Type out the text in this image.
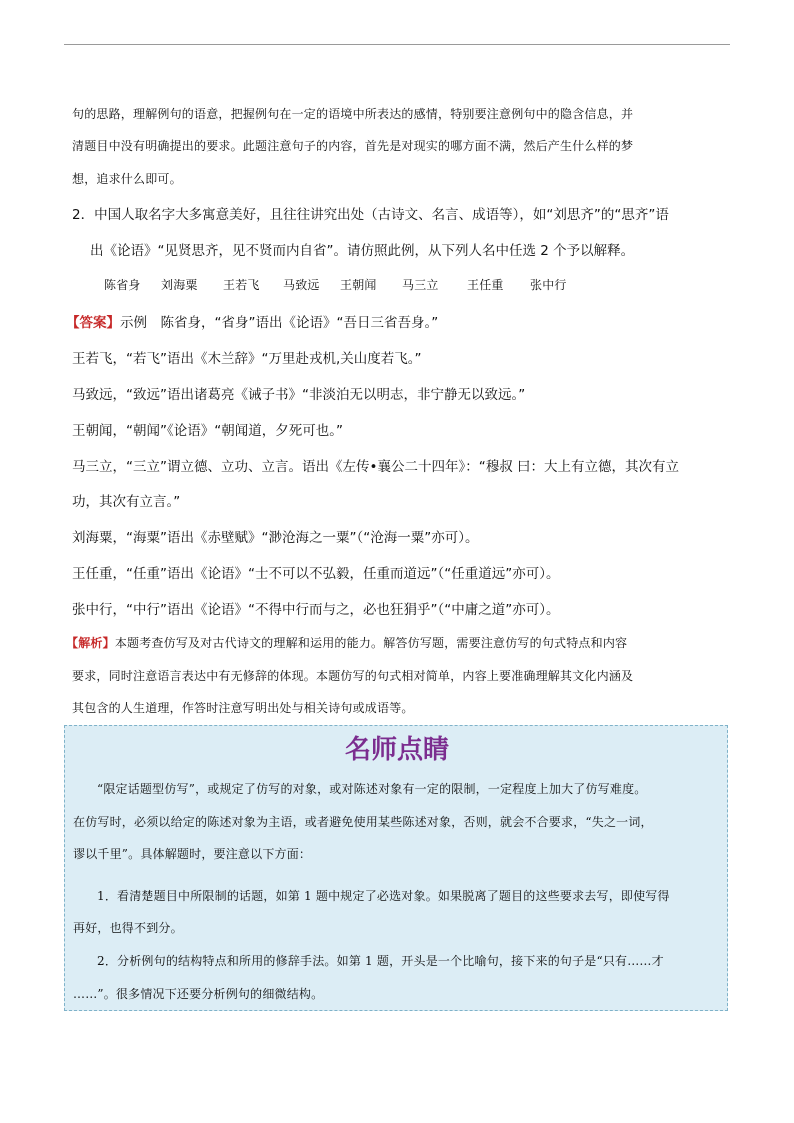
句的思路，理解例句的语意，把握例句在一定的语境中所表达的感情，特别要注意例句中的隐含信息，并

清题目中没有明确提出的要求。此题注意句子的内容，首先是对现实的哪方面不满，然后产生什么样的梦

想，追求什么即可。

2．中国人取名字大多寓意美好，且往往讲究出处（古诗文、名言、成语等），如“刘思齐”的“思齐”语

出《论语》“见贤思齐，见不贤而内自省”。请仿照此例，从下列人名中任选 2 个予以解释。

陈省身	刘海粟	王若飞	马致远	王朝闻	马三立	王任重	张中行

【答案】示例　陈省身，“省身”语出《论语》“吾日三省吾身。”

王若飞，“若飞”语出《木兰辞》“万里赴戎机,关山度若飞。”

马致远，“致远”语出诸葛亮《诫子书》“非淡泊无以明志，非宁静无以致远。”

王朝闻，“朝闻”《论语》“朝闻道，夕死可也。”

马三立，“三立”谓立德、立功、立言。语出《左传•襄公二十四年》：“穆叔 曰：大上有立德，其次有立

功，其次有立言。”

刘海粟，“海粟”语出《赤壁赋》“渺沧海之一粟”（“沧海一粟”亦可）。

王任重，“任重”语出《论语》“士不可以不弘毅，任重而道远”（“任重道远”亦可）。

张中行，“中行”语出《论语》“不得中行而与之，必也狂狷乎”（“中庸之道”亦可）。

【解析】本题考查仿写及对古代诗文的理解和运用的能力。解答仿写题，需要注意仿写的句式特点和内容

要求，同时注意语言表达中有无修辞的体现。本题仿写的句式相对简单，内容上要准确理解其文化内涵及

其包含的人生道理，作答时注意写明出处与相关诗句或成语等。

名师点睛

“限定话题型仿写”，或规定了仿写的对象，或对陈述对象有一定的限制，一定程度上加大了仿写难度。

在仿写时，必须以给定的陈述对象为主语，或者避免使用某些陈述对象，否则，就会不合要求，“失之一词，

谬以千里”。具体解题时，要注意以下方面：

1．看清楚题目中所限制的话题，如第 1 题中规定了必选对象。如果脱离了题目的这些要求去写，即使写得

再好，也得不到分。

2．分析例句的结构特点和所用的修辞手法。如第 1 题，开头是一个比喻句，接下来的句子是“只有……才

……”。很多情况下还要分析例句的细微结构。
